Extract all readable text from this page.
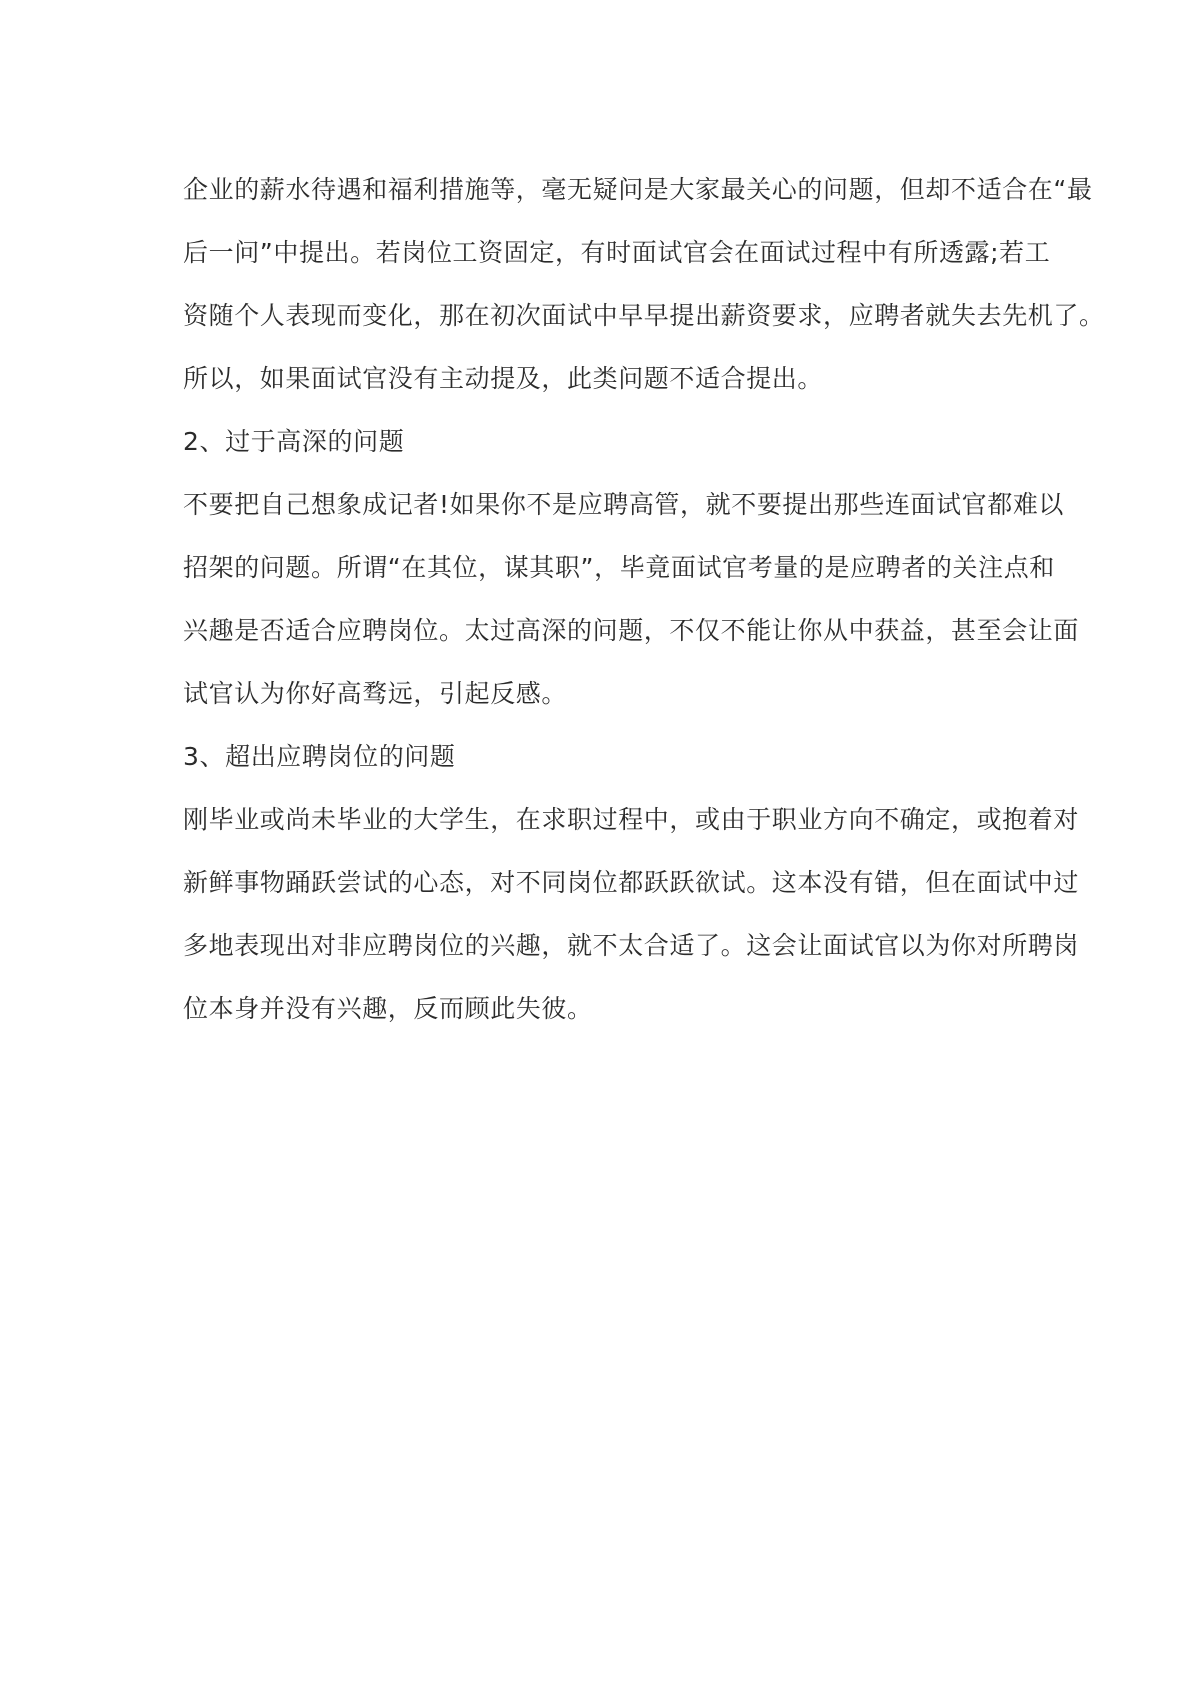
企业的薪水待遇和福利措施等，毫无疑问是大家最关心的问题，但却不适合在“最
后一问”中提出。若岗位工资固定，有时面试官会在面试过程中有所透露;若工
资随个人表现而变化，那在初次面试中早早提出薪资要求，应聘者就失去先机了。
所以，如果面试官没有主动提及，此类问题不适合提出。
2、过于高深的问题
不要把自己想象成记者!如果你不是应聘高管，就不要提出那些连面试官都难以
招架的问题。所谓“在其位，谋其职”，毕竟面试官考量的是应聘者的关注点和
兴趣是否适合应聘岗位。太过高深的问题，不仅不能让你从中获益，甚至会让面
试官认为你好高骛远，引起反感。
3、超出应聘岗位的问题
刚毕业或尚未毕业的大学生，在求职过程中，或由于职业方向不确定，或抱着对
新鲜事物踊跃尝试的心态，对不同岗位都跃跃欲试。这本没有错，但在面试中过
多地表现出对非应聘岗位的兴趣，就不太合适了。这会让面试官以为你对所聘岗
位本身并没有兴趣，反而顾此失彼。
